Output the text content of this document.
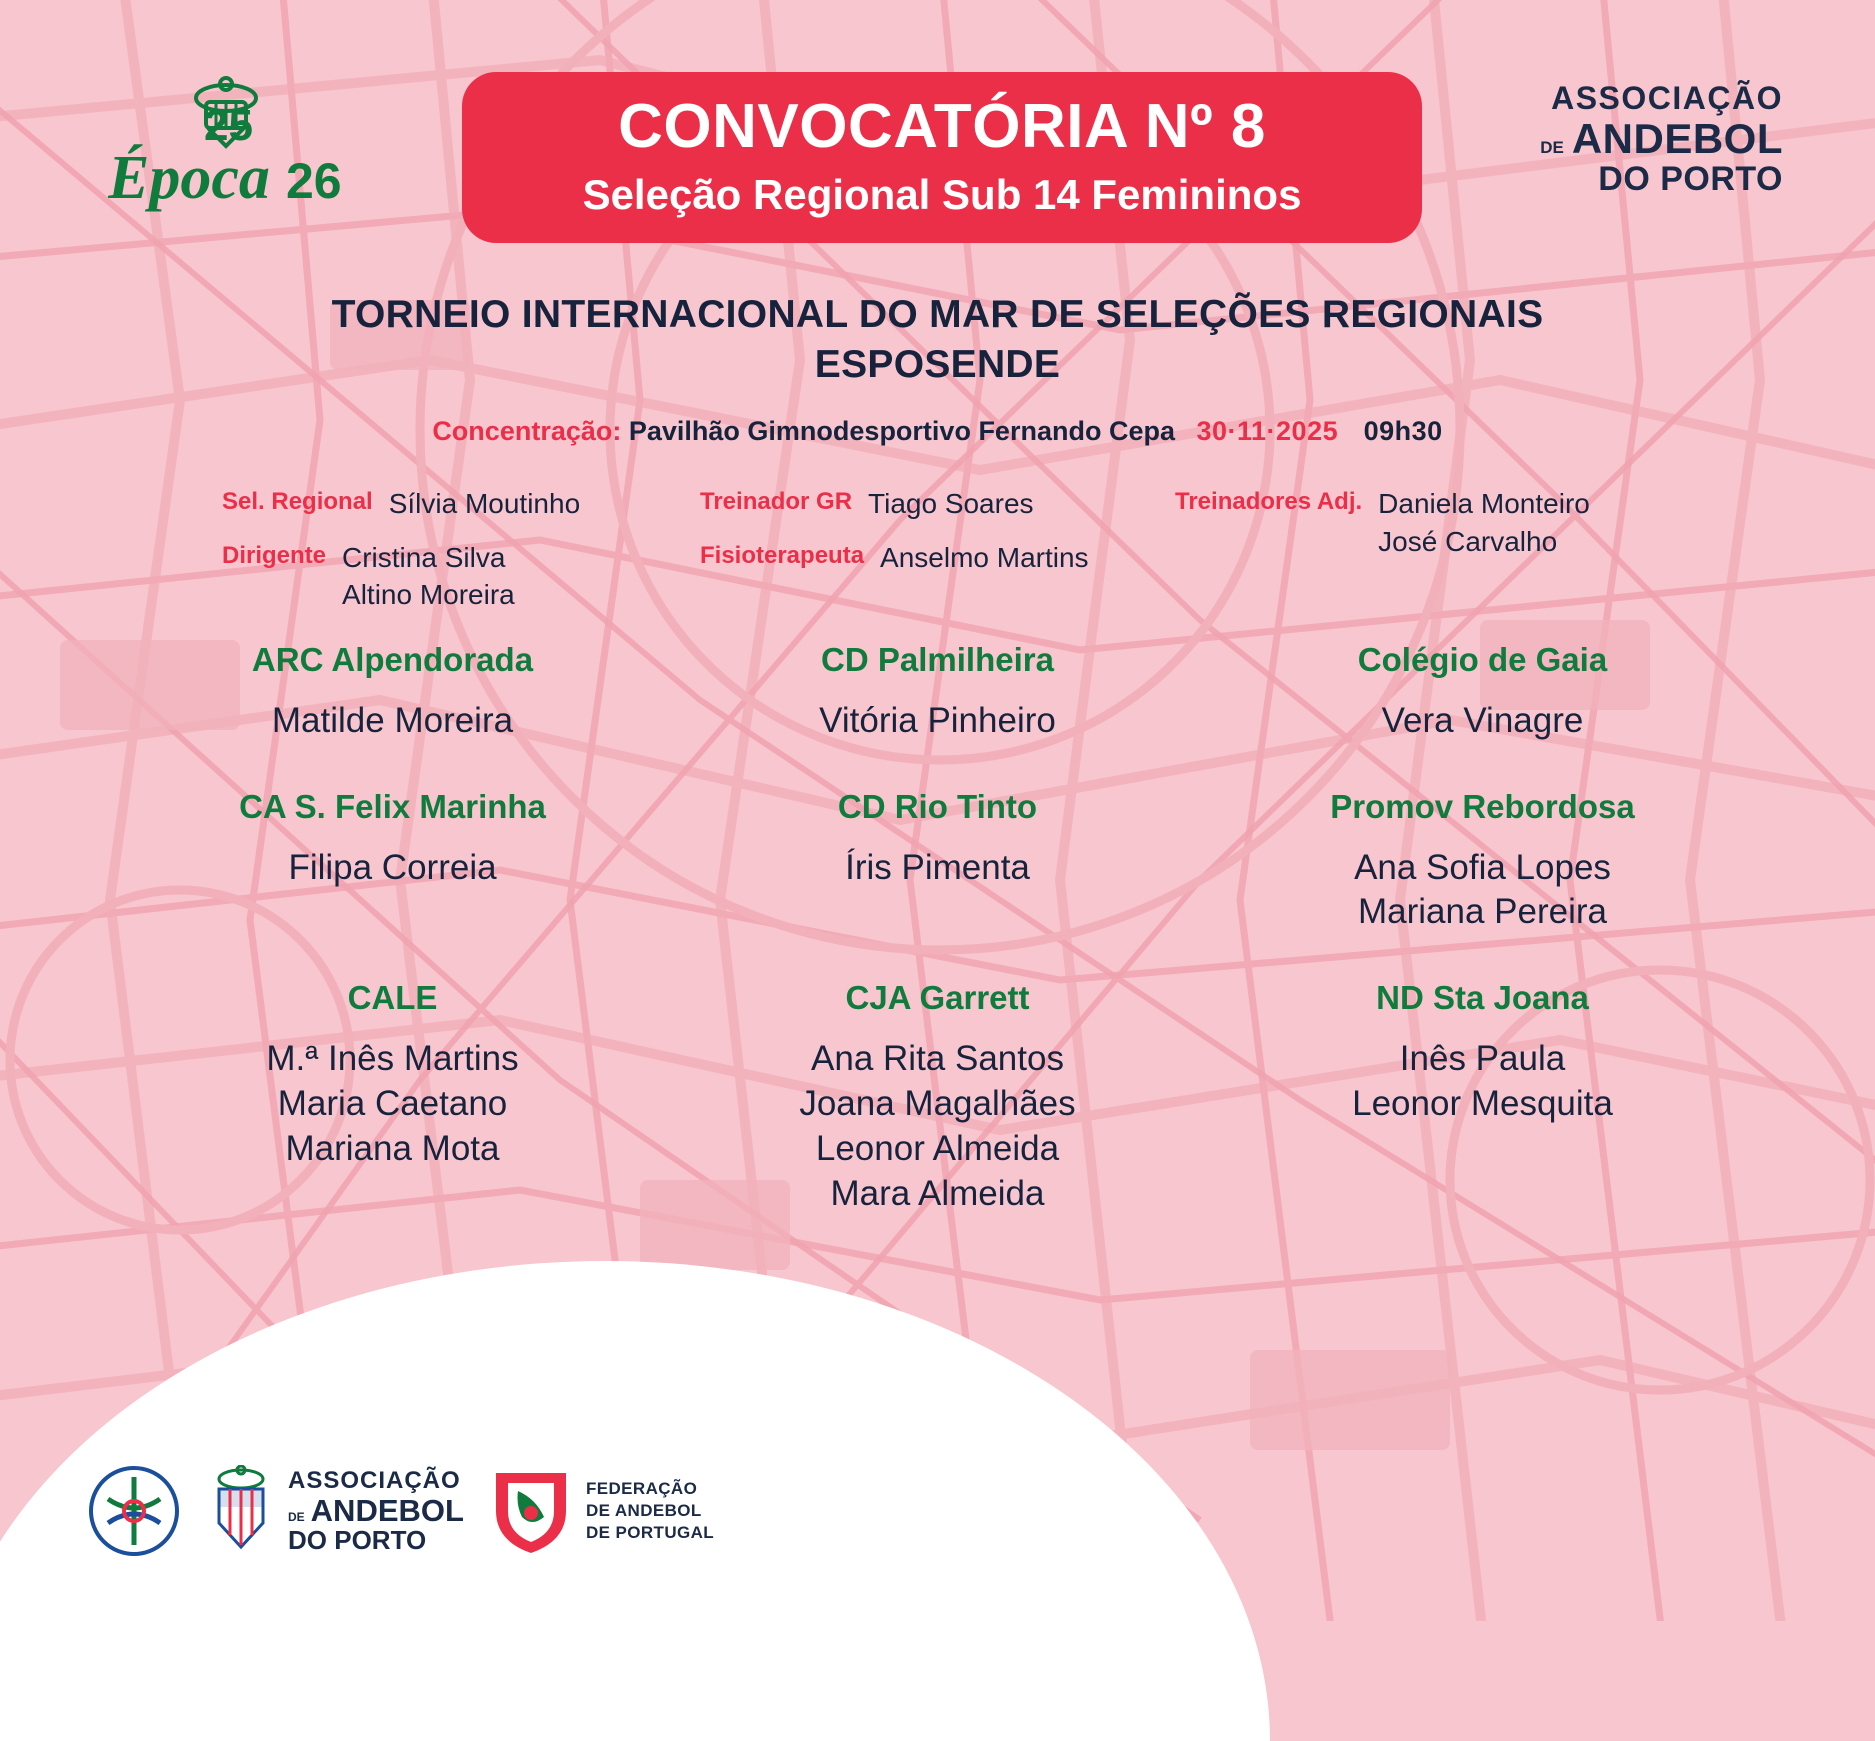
25
Época 26
CONVOCATÓRIA Nº 8
Seleção Regional Sub 14 Femininos
ASSOCIAÇÃO
DE ANDEBOL
DO PORTO
TORNEIO INTERNACIONAL DO MAR DE SELEÇÕES REGIONAIS
ESPOSENDE
Concentração: Pavilhão Gimnodesportivo Fernando Cepa 30·11·2025 09h30
Sel. Regional Sílvia Moutinho
Dirigente Cristina Silva
Altino Moreira
Treinador GR Tiago Soares
Fisioterapeuta Anselmo Martins
Treinadores Adj. Daniela Monteiro
José Carvalho
ARC Alpendorada
Matilde Moreira
CD Palmilheira
Vitória Pinheiro
Colégio de Gaia
Vera Vinagre
CA S. Felix Marinha
Filipa Correia
CD Rio Tinto
Íris Pimenta
Promov Rebordosa
Ana Sofia Lopes
Mariana Pereira
CALE
M.ª Inês Martins
Maria Caetano
Mariana Mota
CJA Garrett
Ana Rita Santos
Joana Magalhães
Leonor Almeida
Mara Almeida
ND Sta Joana
Inês Paula
Leonor Mesquita
ASSOCIAÇÃO
DE ANDEBOL
DO PORTO
FEDERAÇÃO
DE ANDEBOL
DE PORTUGAL
